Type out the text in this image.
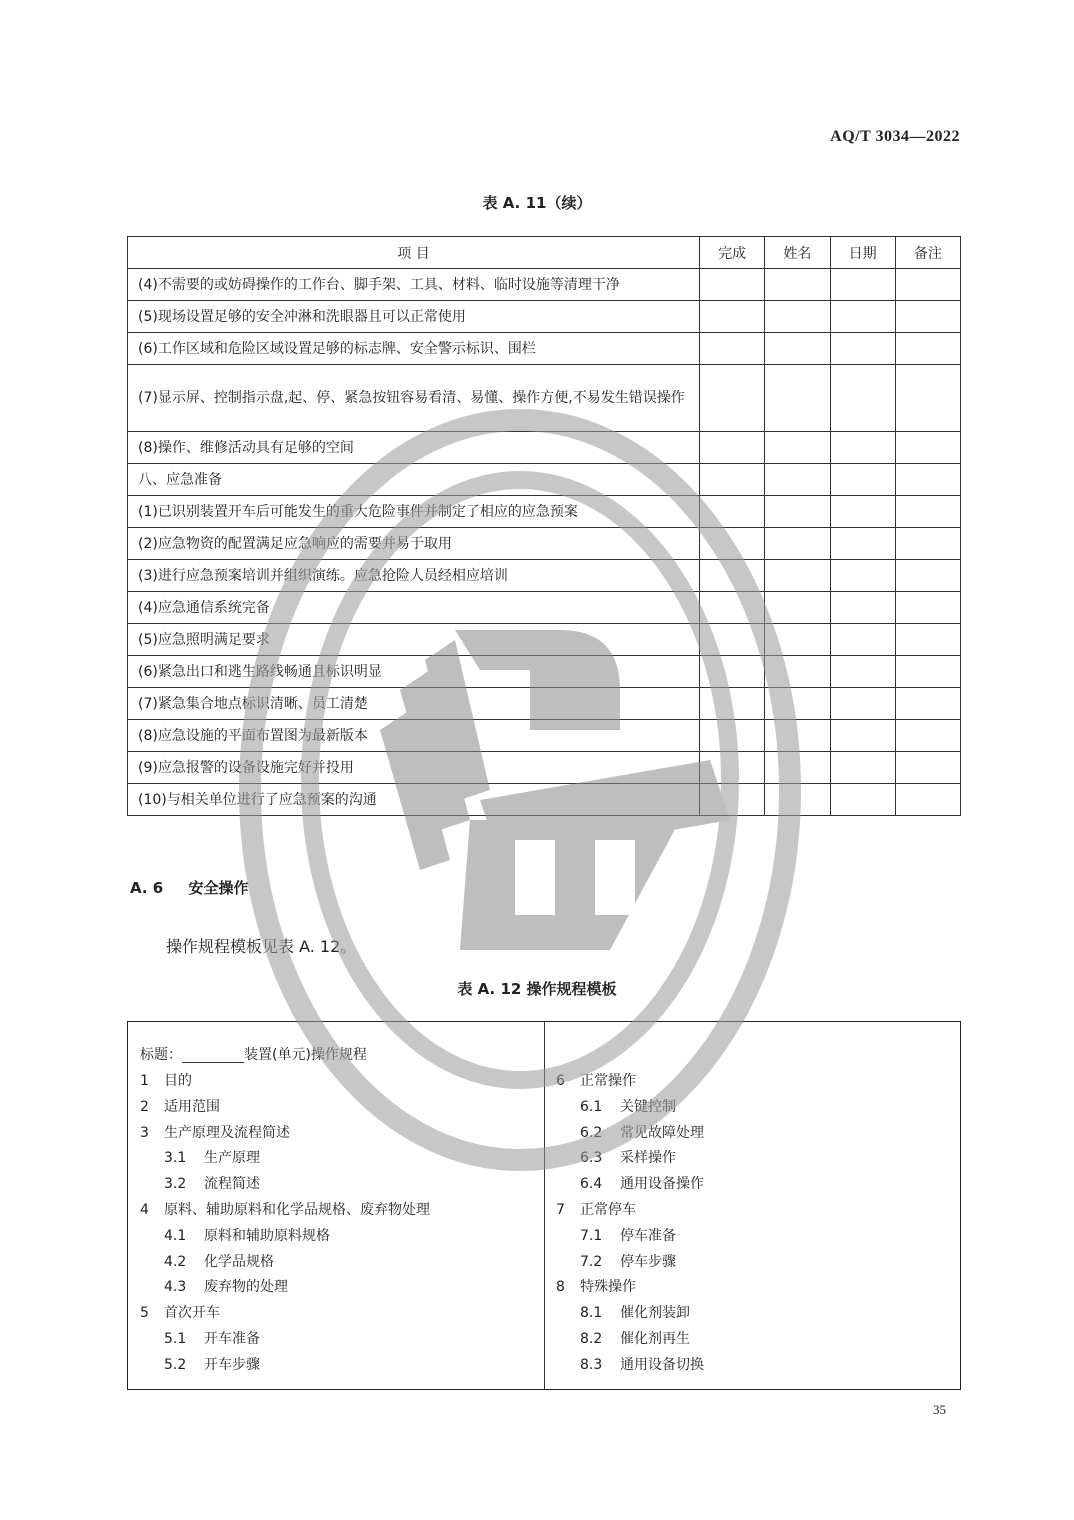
AQ/T 3034—2022
表 A. 11（续）
项 目	完成	姓名	日期	备注
(4)不需要的或妨碍操作的工作台、脚手架、工具、材料、临时设施等清理干净				
(5)现场设置足够的安全冲淋和洗眼器且可以正常使用				
(6)工作区域和危险区域设置足够的标志牌、安全警示标识、围栏				
(7)显示屏、控制指示盘,起、停、紧急按钮容易看清、易懂、操作方便,不易发生错误操作				
(8)操作、维修活动具有足够的空间				
八、应急准备				
(1)已识别装置开车后可能发生的重大危险事件并制定了相应的应急预案				
(2)应急物资的配置满足应急响应的需要并易于取用				
(3)进行应急预案培训并组织演练。应急抢险人员经相应培训				
(4)应急通信系统完备				
(5)应急照明满足要求				
(6)紧急出口和逃生路线畅通且标识明显				
(7)紧急集合地点标识清晰、员工清楚				
(8)应急设施的平面布置图为最新版本				
(9)应急报警的设备设施完好并投用				
(10)与相关单位进行了应急预案的沟通				
A. 6 安全操作
操作规程模板见表 A. 12。
表 A. 12 操作规程模板
标题：	装置(单元)操作规程
1 目的
2 适用范围
3 生产原理及流程简述
3.1 生产原理
3.2 流程简述
4 原料、辅助原料和化学品规格、废弃物处理
4.1 原料和辅助原料规格
4.2 化学品规格
4.3 废弃物的处理
5 首次开车
5.1 开车准备
5.2 开车步骤
6 正常操作
6.1 关键控制
6.2 常见故障处理
6.3 采样操作
6.4 通用设备操作
7 正常停车
7.1 停车准备
7.2 停车步骤
8 特殊操作
8.1 催化剂装卸
8.2 催化剂再生
8.3 通用设备切换
35
